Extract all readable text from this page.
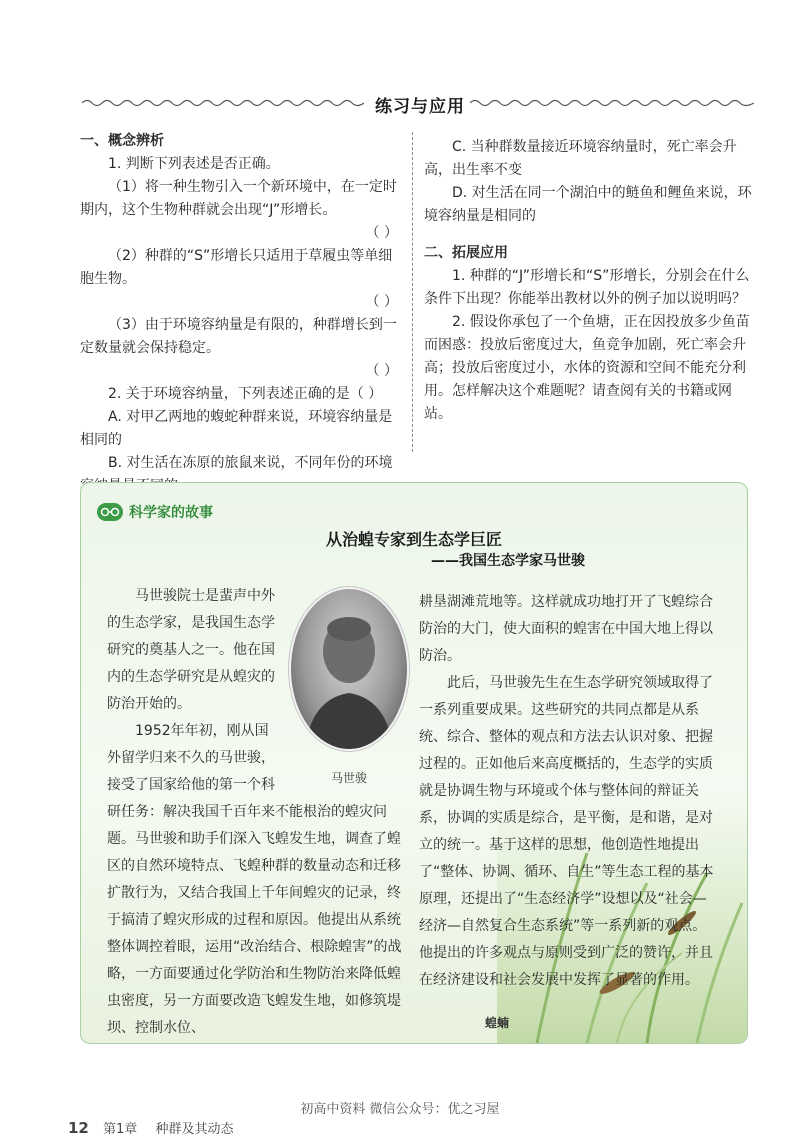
练习与应用

一、概念辨析

1. 判断下列表述是否正确。

（1）将一种生物引入一个新环境中，在一定时期内，这个生物种群就会出现“J”形增长。

（ ）

（2）种群的“S”形增长只适用于草履虫等单细胞生物。

（ ）

（3）由于环境容纳量是有限的，种群增长到一定数量就会保持稳定。

（ ）

2. 关于环境容纳量，下列表述正确的是（ ）

A. 对甲乙两地的蝮蛇种群来说，环境容纳量是相同的

B. 对生活在冻原的旅鼠来说，不同年份的环境

C. 当种群数量接近环境容纳量时，死亡率会升高，出生率不变

D. 对生活在同一个湖泊中的鲢鱼和鲤鱼来说，环境容纳量是相同的

二、拓展应用

1. 种群的“J”形增长和“S”形增长，分别会在什么条件下出现？你能举出教材以外的例子加以说明吗？

2. 假设你承包了一个鱼塘，正在因投放多少鱼苗而困惑：投放后密度过大，鱼竞争加剧，死亡率会升高；投放后密度过小，水体的资源和空间不能充分利用。怎样解决这个难题呢？请查阅有关的书籍或网站。

科学家的故事
从治蝗专家到生态学巨匠
——我国生态学家马世骏
马世骏

马世骏院士是蜚声中外的生态学家，是我国生态学研究的奠基人之一。他在国内的生态学研究是从蝗灾的防治开始的。

1952年年初，刚从国外留学归来不久的马世骏，接受了国家给他的第一个科研任务：解决我国千百年来不能根治的蝗灾问题。马世骏和助手们深入飞蝗发生地，调查了蝗区的自然环境特点、飞蝗种群的数量动态和迁移扩散行为，又结合我国上千年间蝗灾的记录，终于搞清了蝗灾形成的过程和原因。他提出从系统整体调控着眼，运用“改治结合、根除蝗害”的战略，一方面要通过化学防治和生物防治来降低蝗虫密度，另一方面要改造飞蝗发生地，如修筑堤坝、控制水位、

耕垦湖滩荒地等。这样就成功地打开了飞蝗综合防治的大门，使大面积的蝗害在中国大地上得以防治。

此后，马世骏先生在生态学研究领域取得了一系列重要成果。这些研究的共同点都是从系统、综合、整体的观点和方法去认识对象、把握过程的。正如他后来高度概括的，生态学的实质就是协调生物与环境或个体与整体间的辩证关系，协调的实质是综合，是平衡，是和谐，是对立的统一。基于这样的思想，他创造性地提出了“整体、协调、循环、自生”等生态工程的基本原理，还提出了“生态经济学”设想以及“社会—经济—自然复合生态系统”等一系列新的观点。他提出的许多观点与原则受到广泛的赞许，并且在经济建设和社会发展中发挥了显著的作用。

蝗蝻
初高中资料 微信公众号：优之习屋
12 第1章 种群及其动态
